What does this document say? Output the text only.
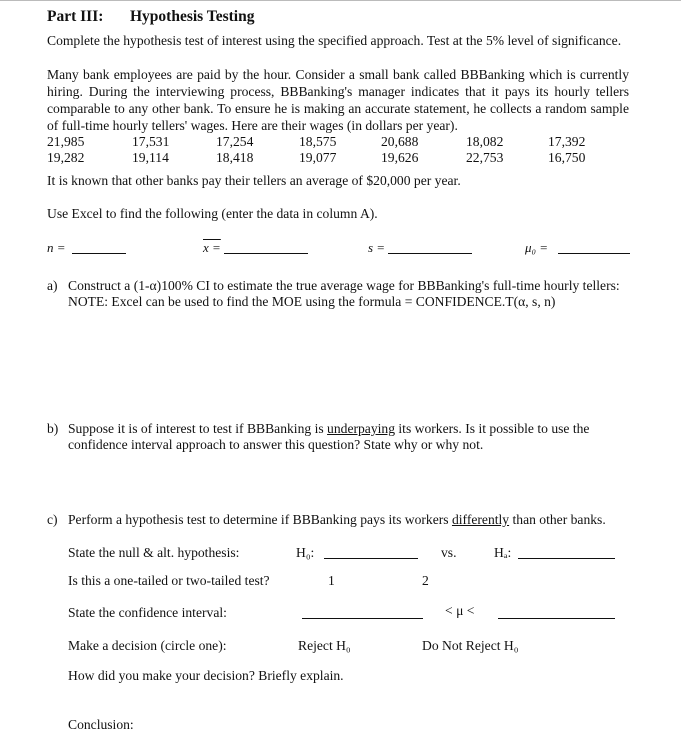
Part III: Hypothesis Testing
Complete the hypothesis test of interest using the specified approach. Test at the 5% level of significance.
Many bank employees are paid by the hour. Consider a small bank called BBBanking which is currently hiring. During the interviewing process, BBBanking's manager indicates that it pays its hourly tellers comparable to any other bank. To ensure he is making an accurate statement, he collects a random sample of full-time hourly tellers' wages. Here are their wages (in dollars per year).
21,985	17,531	17,254	18,575	20,688	18,082	17,392
19,282	19,114	18,418	19,077	19,626	22,753	16,750
It is known that other banks pay their tellers an average of $20,000 per year.
Use Excel to find the following (enter the data in column A).
n =	x =	s =	μ₀ =
a) Construct a (1-α)100% CI to estimate the true average wage for BBBanking's full-time hourly tellers:
NOTE: Excel can be used to find the MOE using the formula = CONFIDENCE.T(α, s, n)
b) Suppose it is of interest to test if BBBanking is underpaying its workers. Is it possible to use the
confidence interval approach to answer this question? State why or why not.
c) Perform a hypothesis test to determine if BBBanking pays its workers differently than other banks.
State the null & alt. hypothesis:	H₀:	vs.	Hₐ:
Is this a one-tailed or two-tailed test?	1	2
State the confidence interval:	< μ <
Make a decision (circle one):	Reject H₀	Do Not Reject H₀
How did you make your decision? Briefly explain.
Conclusion:
